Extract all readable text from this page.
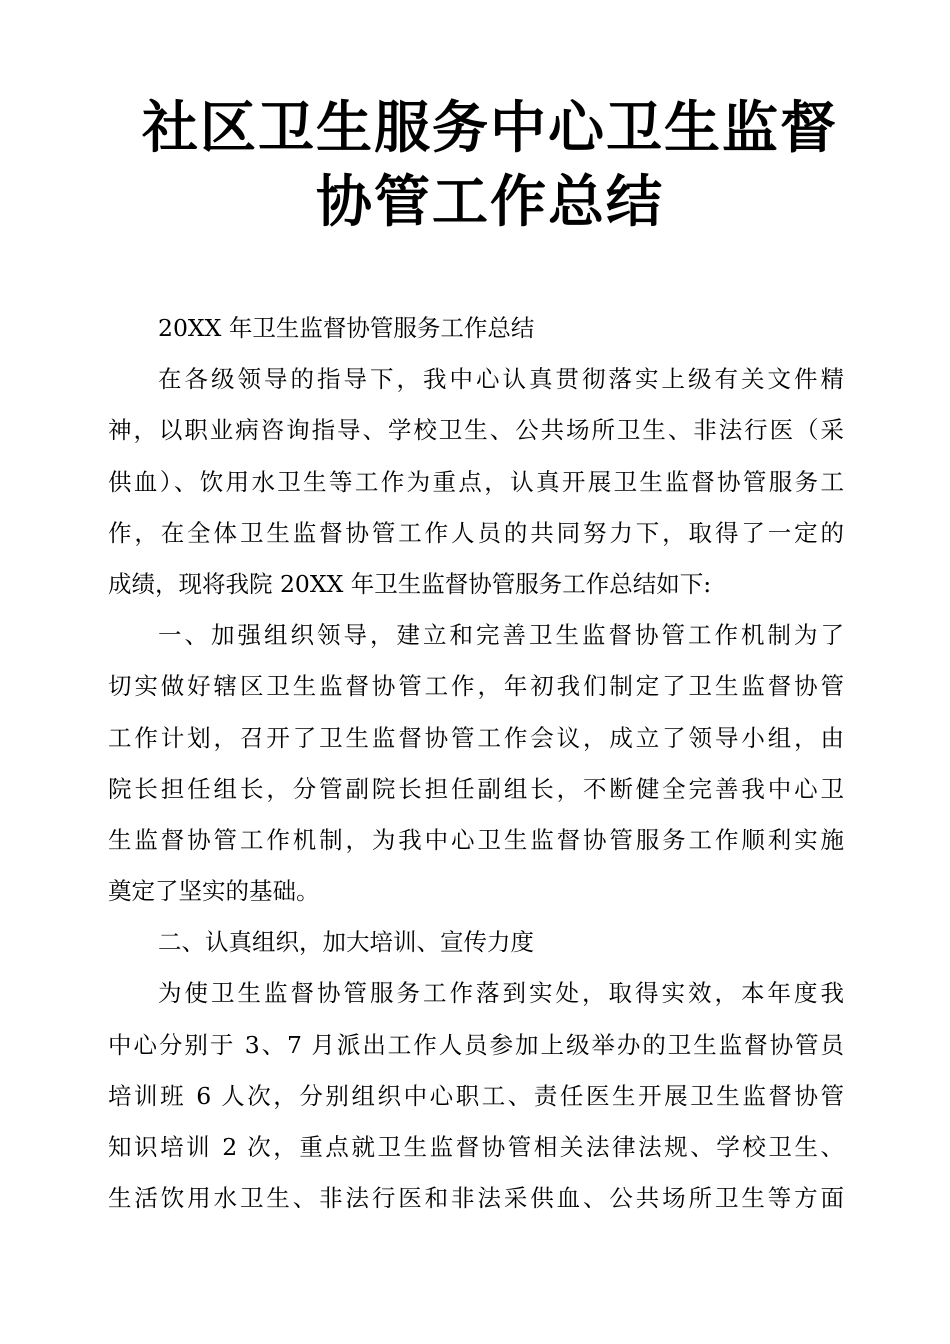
社区卫生服务中心卫生监督
协管工作总结
20XX 年卫生监督协管服务工作总结
在各级领导的指导下，我中心认真贯彻落实上级有关文件精
神，以职业病咨询指导、学校卫生、公共场所卫生、非法行医（采
供血）、饮用水卫生等工作为重点，认真开展卫生监督协管服务工
作，在全体卫生监督协管工作人员的共同努力下，取得了一定的
成绩，现将我院 20XX 年卫生监督协管服务工作总结如下:
一、加强组织领导，建立和完善卫生监督协管工作机制为了
切实做好辖区卫生监督协管工作，年初我们制定了卫生监督协管
工作计划，召开了卫生监督协管工作会议，成立了领导小组，由
院长担任组长，分管副院长担任副组长，不断健全完善我中心卫
生监督协管工作机制，为我中心卫生监督协管服务工作顺利实施
奠定了坚实的基础。
二、认真组织，加大培训、宣传力度
为使卫生监督协管服务工作落到实处，取得实效，本年度我
中心分别于 3、7 月派出工作人员参加上级举办的卫生监督协管员
培训班 6 人次，分别组织中心职工、责任医生开展卫生监督协管
知识培训 2 次，重点就卫生监督协管相关法律法规、学校卫生、
生活饮用水卫生、非法行医和非法采供血、公共场所卫生等方面
